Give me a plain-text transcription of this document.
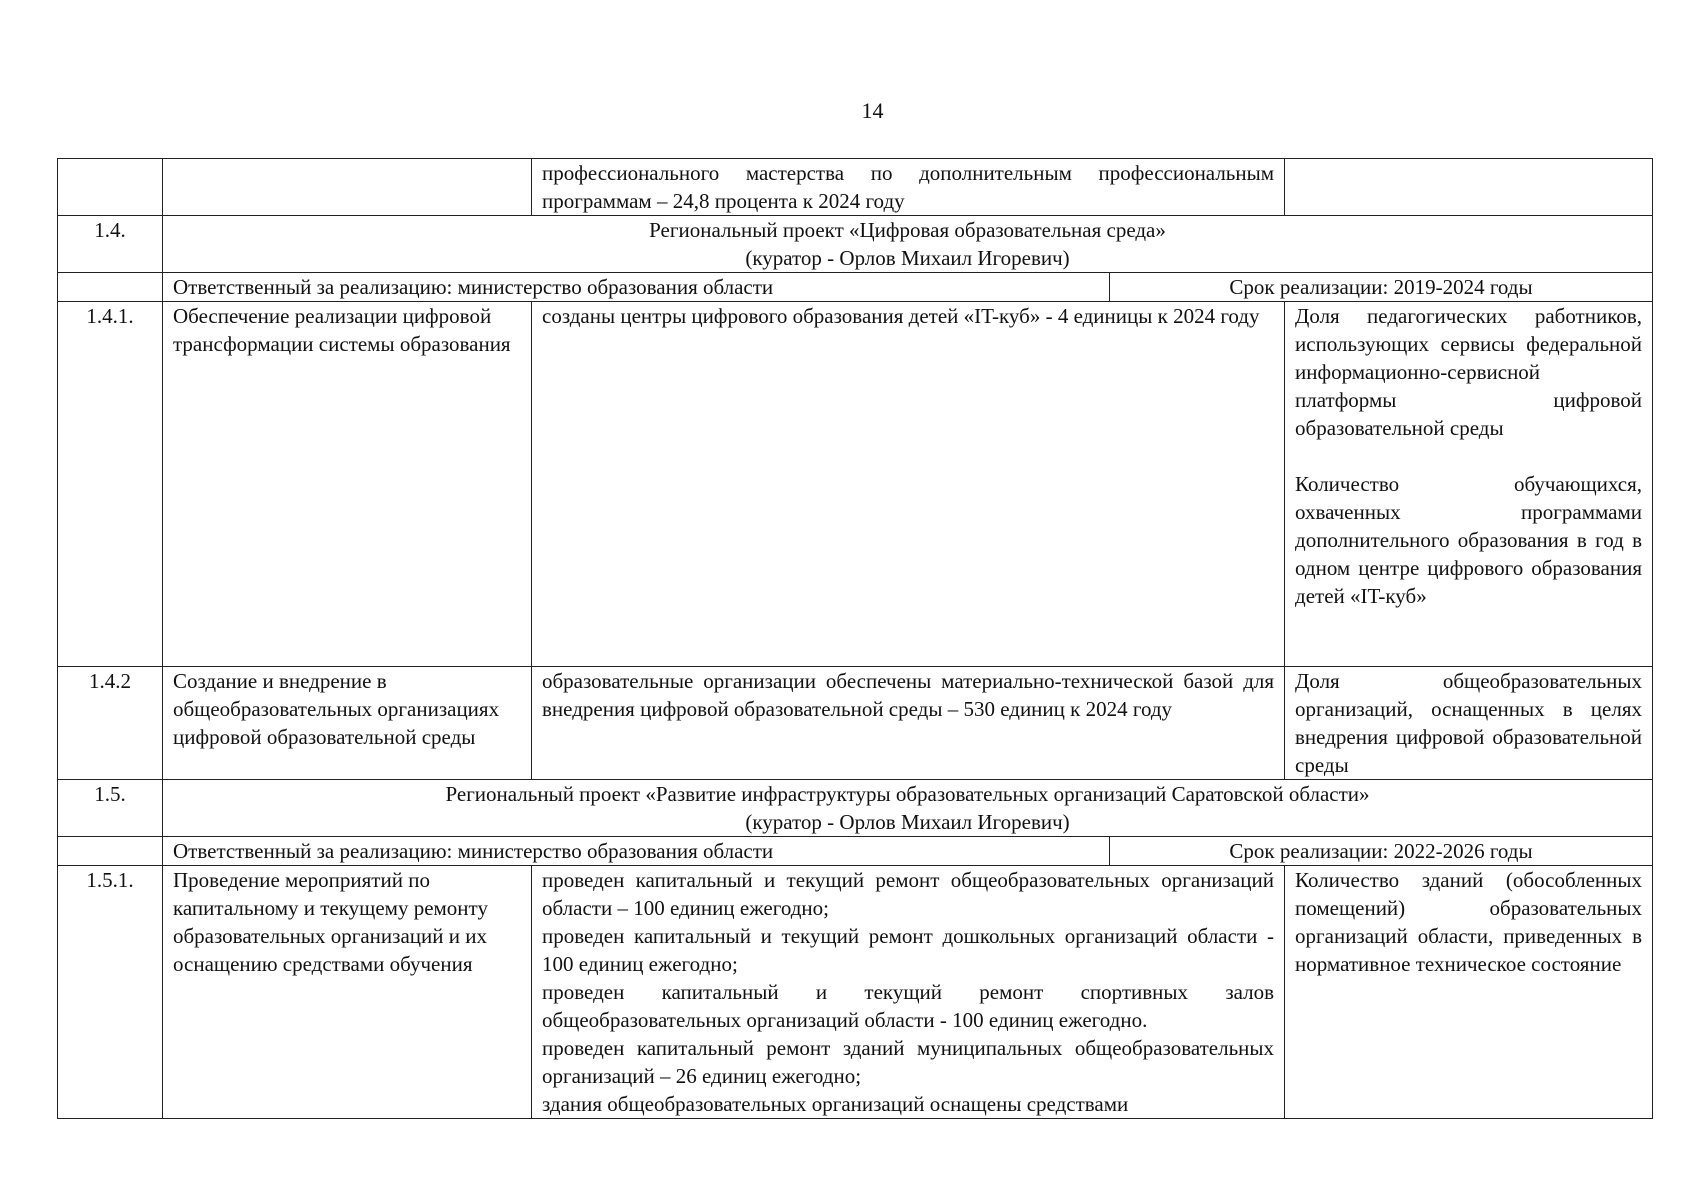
14
		профессионального мастерства по дополнительным профессиональным программам – 24,8 процента к 2024 году		
1.4.	Региональный проект «Цифровая образовательная среда»
(куратор - Орлов Михаил Игоревич)			

	Ответственный за реализацию: министерство образования области		Срок реализации: 2019-2024 годы	
1.4.1.	Обеспечение реализации цифровой трансформации системы образования	созданы центры цифрового образования детей «IT-куб» - 4 единицы к 2024 году		Доля педагогических работников, использующих сервисы федеральной информационно-сервисной платформы цифровой образовательной среды
Количество обучающихся, охваченных программами дополнительного образования в год в одном центре цифрового образования детей «IT-куб»

1.4.2	Создание и внедрение в общеобразовательных организациях цифровой образовательной среды	образовательные организации обеспечены материально-технической базой для внедрения цифровой образовательной среды – 530 единиц к 2024 году		Доля общеобразовательных организаций, оснащенных в целях внедрения цифровой образовательной среды
1.5.	Региональный проект «Развитие инфраструктуры образовательных организаций Саратовской области»
(куратор - Орлов Михаил Игоревич)			

	Ответственный за реализацию: министерство образования области		Срок реализации: 2022-2026 годы	
1.5.1.	Проведение мероприятий по капитальному и текущему ремонту образовательных организаций и их оснащению средствами обучения	проведен капитальный и текущий ремонт общеобразовательных организаций области – 100 единиц ежегодно;
проведен капитальный и текущий ремонт дошкольных организаций области - 100 единиц ежегодно;
проведен капитальный и текущий ремонт спортивных залов общеобразовательных организаций области - 100 единиц ежегодно.
проведен капитальный ремонт зданий муниципальных общеобразовательных организаций – 26 единиц ежегодно;
здания общеобразовательных организаций оснащены средствами		Количество зданий (обособленных помещений) образовательных организаций области, приведенных в нормативное техническое состояние
